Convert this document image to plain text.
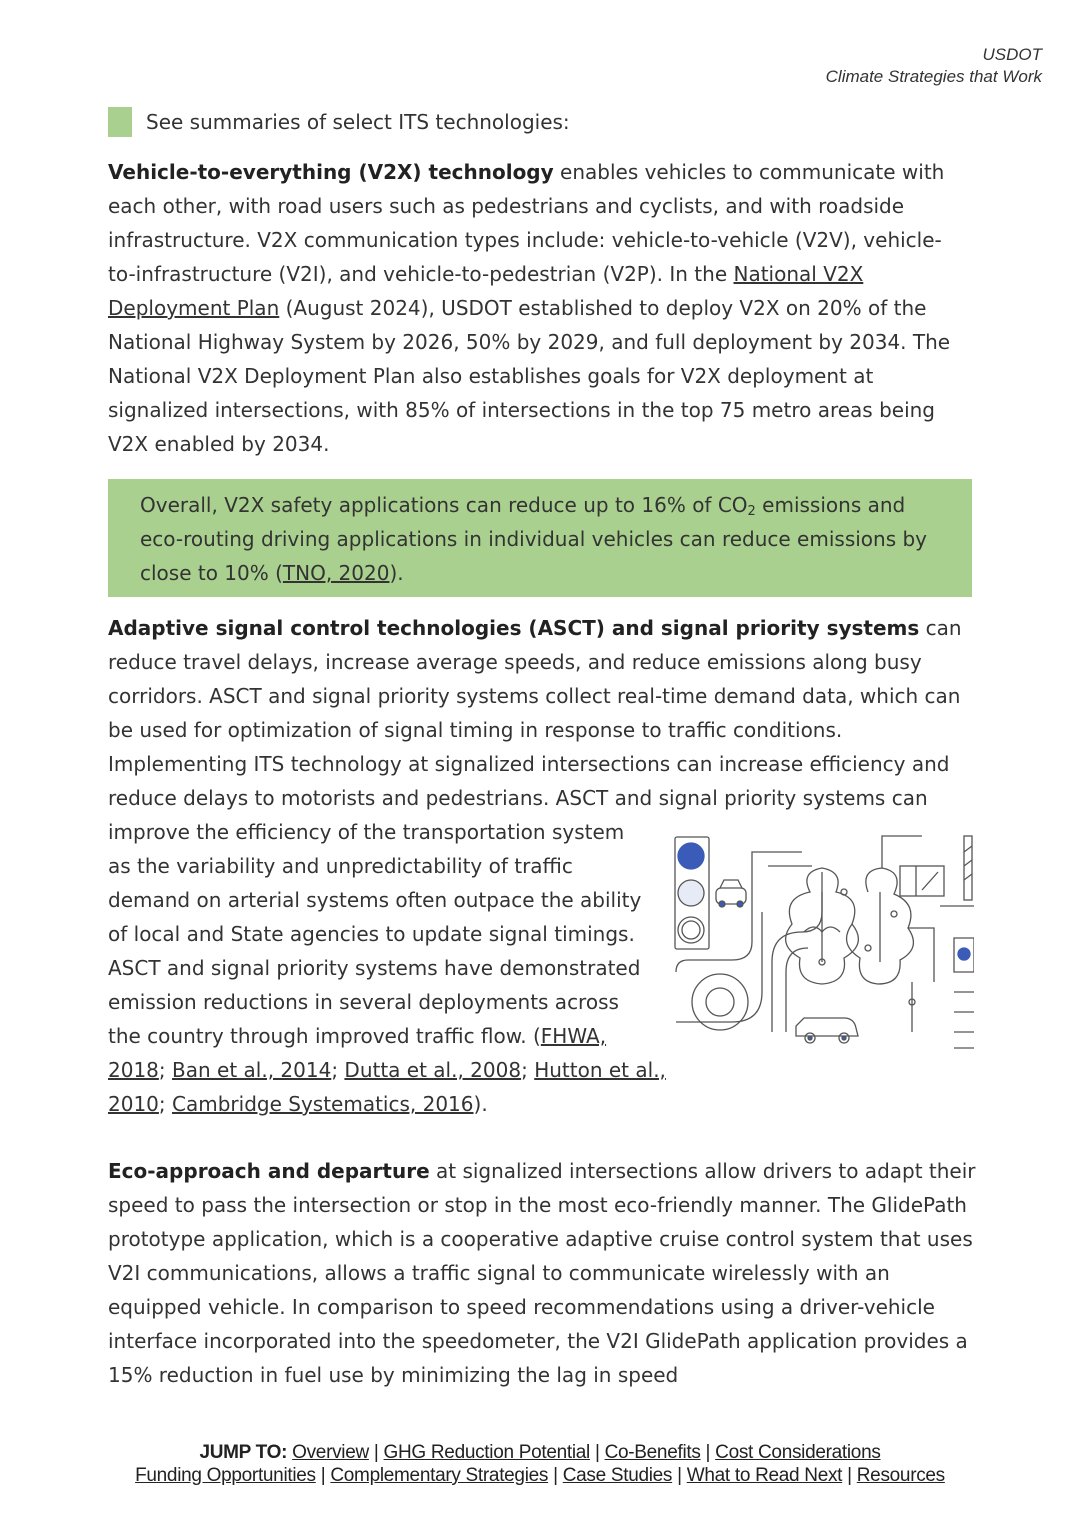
USDOT
Climate Strategies that Work
See summaries of select ITS technologies:

Vehicle-to-everything (V2X) technology enables vehicles to communicate with each other, with road users such as pedestrians and cyclists, and with roadside infrastructure. V2X communication types include: vehicle-to-vehicle (V2V), vehicle-to-infrastructure (V2I), and vehicle-to-pedestrian (V2P). In the National V2X Deployment Plan (August 2024), USDOT established to deploy V2X on 20% of the National Highway System by 2026, 50% by 2029, and full deployment by 2034. The National V2X Deployment Plan also establishes goals for V2X deployment at signalized intersections, with 85% of intersections in the top 75 metro areas being V2X enabled by 2034.

Overall, V2X safety applications can reduce up to 16% of $CO_2$ emissions and eco-routing driving applications in individual vehicles can reduce emissions by close to 10% (TNO, 2020).

Adaptive signal control technologies (ASCT) and signal priority systems can reduce travel delays, increase average speeds, and reduce emissions along busy corridors. ASCT and signal priority systems collect real-time demand data, which can be used for optimization of signal timing in response to traffic conditions. Implementing ITS technology at signalized intersections can increase efficiency and reduce delays to motorists and pedestrians. ASCT and signal priority systems can

improve the efficiency of the transportation system
as the variability and unpredictability of traffic
demand on arterial systems often outpace the ability
of local and State agencies to update signal timings.
ASCT and signal priority systems have demonstrated
emission reductions in several deployments across
the country through improved traffic flow. (FHWA, 2018; Ban et al., 2014; Dutta et al., 2008; Hutton et al., 2010; Cambridge Systematics, 2016).

Eco-approach and departure at signalized intersections allow drivers to adapt their speed to pass the intersection or stop in the most eco-friendly manner. The GlidePath prototype application, which is a cooperative adaptive cruise control system that uses V2I communications, allows a traffic signal to communicate wirelessly with an equipped vehicle. In comparison to speed recommendations using a driver-vehicle interface incorporated into the speedometer, the V2I GlidePath application provides a 15% reduction in fuel use by minimizing the lag in speed

JUMP TO: Overview | GHG Reduction Potential | Co-Benefits | Cost Considerations
Funding Opportunities | Complementary Strategies | Case Studies | What to Read Next | Resources
